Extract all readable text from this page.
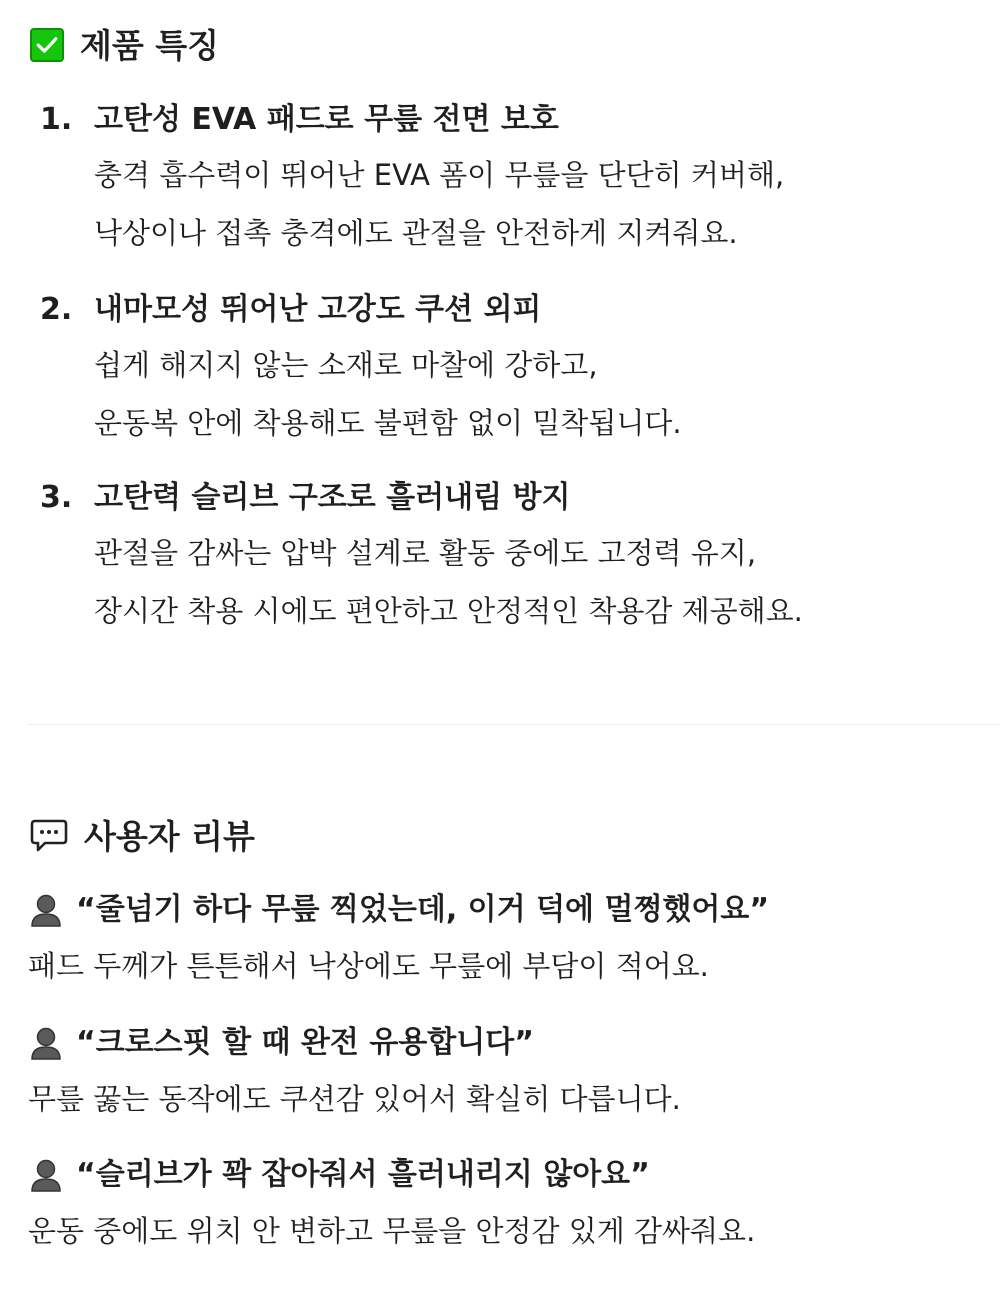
제품 특징
1. 고탄성 EVA 패드로 무릎 전면 보호
충격 흡수력이 뛰어난 EVA 폼이 무릎을 단단히 커버해,
낙상이나 접촉 충격에도 관절을 안전하게 지켜줘요.
2. 내마모성 뛰어난 고강도 쿠션 외피
쉽게 해지지 않는 소재로 마찰에 강하고,
운동복 안에 착용해도 불편함 없이 밀착됩니다.
3. 고탄력 슬리브 구조로 흘러내림 방지
관절을 감싸는 압박 설계로 활동 중에도 고정력 유지,
장시간 착용 시에도 편안하고 안정적인 착용감 제공해요.
사용자 리뷰
“줄넘기 하다 무릎 찍었는데, 이거 덕에 멀쩡했어요”
패드 두께가 튼튼해서 낙상에도 무릎에 부담이 적어요.
“크로스핏 할 때 완전 유용합니다”
무릎 꿇는 동작에도 쿠션감 있어서 확실히 다릅니다.
“슬리브가 꽉 잡아줘서 흘러내리지 않아요”
운동 중에도 위치 안 변하고 무릎을 안정감 있게 감싸줘요.
